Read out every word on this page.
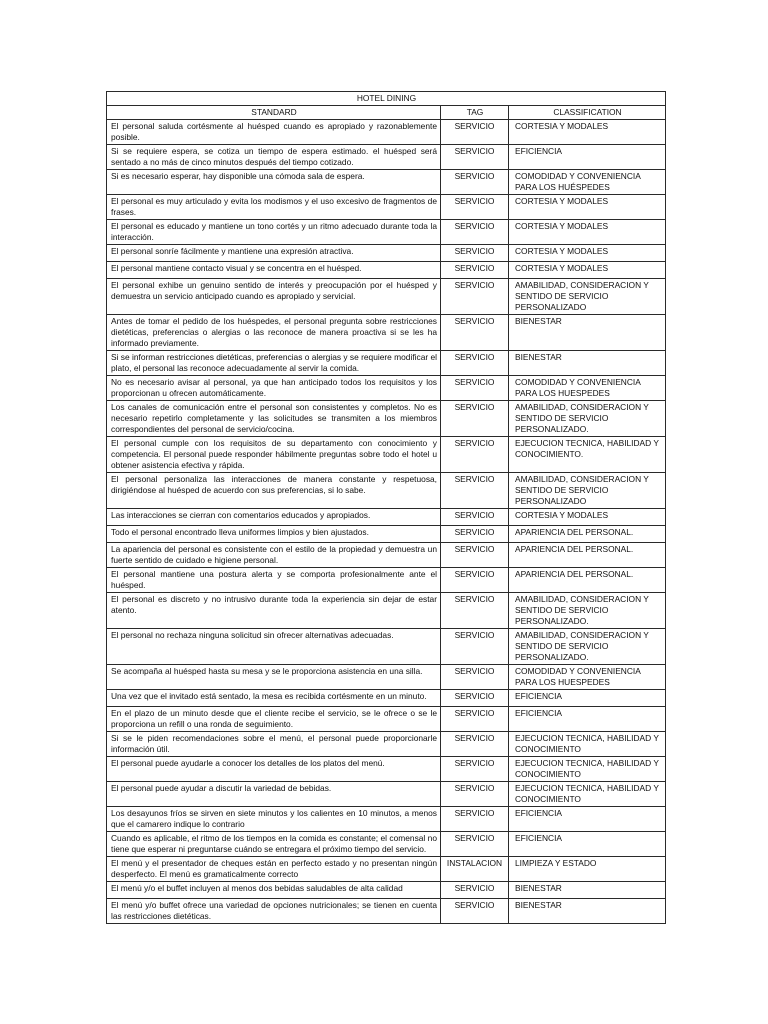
HOTEL DINING		
STANDARD	TAG	CLASSIFICATION
El personal saluda cortésmente al huésped cuando es apropiado y razonablemente posible.	SERVICIO	CORTESIA Y MODALES
Si se requiere espera, se cotiza un tiempo de espera estimado. el huésped será sentado a no más de cinco minutos después del tiempo cotizado.	SERVICIO	EFICIENCIA
Si es necesario esperar, hay disponible una cómoda sala de espera.	SERVICIO	COMODIDAD Y CONVENIENCIA PARA LOS HUÉSPEDES
El personal es muy articulado y evita los modismos y el uso excesivo de fragmentos de frases.	SERVICIO	CORTESIA Y MODALES
El personal es educado y mantiene un tono cortés y un ritmo adecuado durante toda la interacción.	SERVICIO	CORTESIA Y MODALES
El personal sonríe fácilmente y mantiene una expresión atractiva.	SERVICIO	CORTESIA Y MODALES
El personal mantiene contacto visual y se concentra en el huésped.	SERVICIO	CORTESIA Y MODALES
El personal exhibe un genuino sentido de interés y preocupación por el huésped y demuestra un servicio anticipado cuando es apropiado y servicial.	SERVICIO	AMABILIDAD, CONSIDERACION Y SENTIDO DE SERVICIO PERSONALIZADO
Antes de tomar el pedido de los huéspedes, el personal pregunta sobre restricciones dietéticas, preferencias o alergias o las reconoce de manera proactiva si se les ha informado previamente.	SERVICIO	BIENESTAR
Si se informan restricciones dietéticas, preferencias o alergias y se requiere modificar el plato, el personal las reconoce adecuadamente al servir la comida.	SERVICIO	BIENESTAR
No es necesario avisar al personal, ya que han anticipado todos los requisitos y los proporcionan u ofrecen automáticamente.	SERVICIO	COMODIDAD Y CONVENIENCIA PARA LOS HUESPEDES
Los canales de comunicación entre el personal son consistentes y completos. No es necesario repetirlo completamente y las solicitudes se transmiten a los miembros correspondientes del personal de servicio/cocina.	SERVICIO	AMABILIDAD, CONSIDERACION Y SENTIDO DE SERVICIO PERSONALIZADO.
El personal cumple con los requisitos de su departamento con conocimiento y competencia. El personal puede responder hábilmente preguntas sobre todo el hotel u obtener asistencia efectiva y rápida.	SERVICIO	EJECUCION TECNICA, HABILIDAD Y CONOCIMIENTO.
El personal personaliza las interacciones de manera constante y respetuosa, dirigiéndose al huésped de acuerdo con sus preferencias, si lo sabe.	SERVICIO	AMABILIDAD, CONSIDERACION Y SENTIDO DE SERVICIO PERSONALIZADO
Las interacciones se cierran con comentarios educados y apropiados.	SERVICIO	CORTESIA Y MODALES
Todo el personal encontrado lleva uniformes limpios y bien ajustados.	SERVICIO	APARIENCIA DEL PERSONAL.
La apariencia del personal es consistente con el estilo de la propiedad y demuestra un fuerte sentido de cuidado e higiene personal.	SERVICIO	APARIENCIA DEL PERSONAL.
El personal mantiene una postura alerta y se comporta profesionalmente ante el huésped.	SERVICIO	APARIENCIA DEL PERSONAL.
El personal es discreto y no intrusivo durante toda la experiencia sin dejar de estar atento.	SERVICIO	AMABILIDAD, CONSIDERACION Y SENTIDO DE SERVICIO PERSONALIZADO.
El personal no rechaza ninguna solicitud sin ofrecer alternativas adecuadas.	SERVICIO	AMABILIDAD, CONSIDERACION Y SENTIDO DE SERVICIO PERSONALIZADO.
Se acompaña al huésped hasta su mesa y se le proporciona asistencia en una silla.	SERVICIO	COMODIDAD Y CONVENIENCIA PARA LOS HUESPEDES
Una vez que el invitado está sentado, la mesa es recibida cortésmente en un minuto.	SERVICIO	EFICIENCIA
En el plazo de un minuto desde que el cliente recibe el servicio, se le ofrece o se le proporciona un refill o una ronda de seguimiento.	SERVICIO	EFICIENCIA
Si se le piden recomendaciones sobre el menú, el personal puede proporcionarle información útil.	SERVICIO	EJECUCION TECNICA, HABILIDAD Y CONOCIMIENTO
El personal puede ayudarle a conocer los detalles de los platos del menú.	SERVICIO	EJECUCION TECNICA, HABILIDAD Y CONOCIMIENTO
El personal puede ayudar a discutir la variedad de bebidas.	SERVICIO	EJECUCION TECNICA, HABILIDAD Y CONOCIMIENTO
Los desayunos fríos se sirven en siete minutos y los calientes en 10 minutos, a menos que el camarero indique lo contrario	SERVICIO	EFICIENCIA
Cuando es aplicable, el ritmo de los tiempos en la comida es constante; el comensal no tiene que esperar ni preguntarse cuándo se entregara el próximo tiempo del servicio.	SERVICIO	EFICIENCIA
El menú y el presentador de cheques están en perfecto estado y no presentan ningún desperfecto. El menú es gramaticalmente correcto	INSTALACION	LIMPIEZA Y ESTADO
El menú y/o el buffet incluyen al menos dos bebidas saludables de alta calidad	SERVICIO	BIENESTAR
El menú y/o buffet ofrece una variedad de opciones nutricionales; se tienen en cuenta las restricciones dietéticas.	SERVICIO	BIENESTAR
